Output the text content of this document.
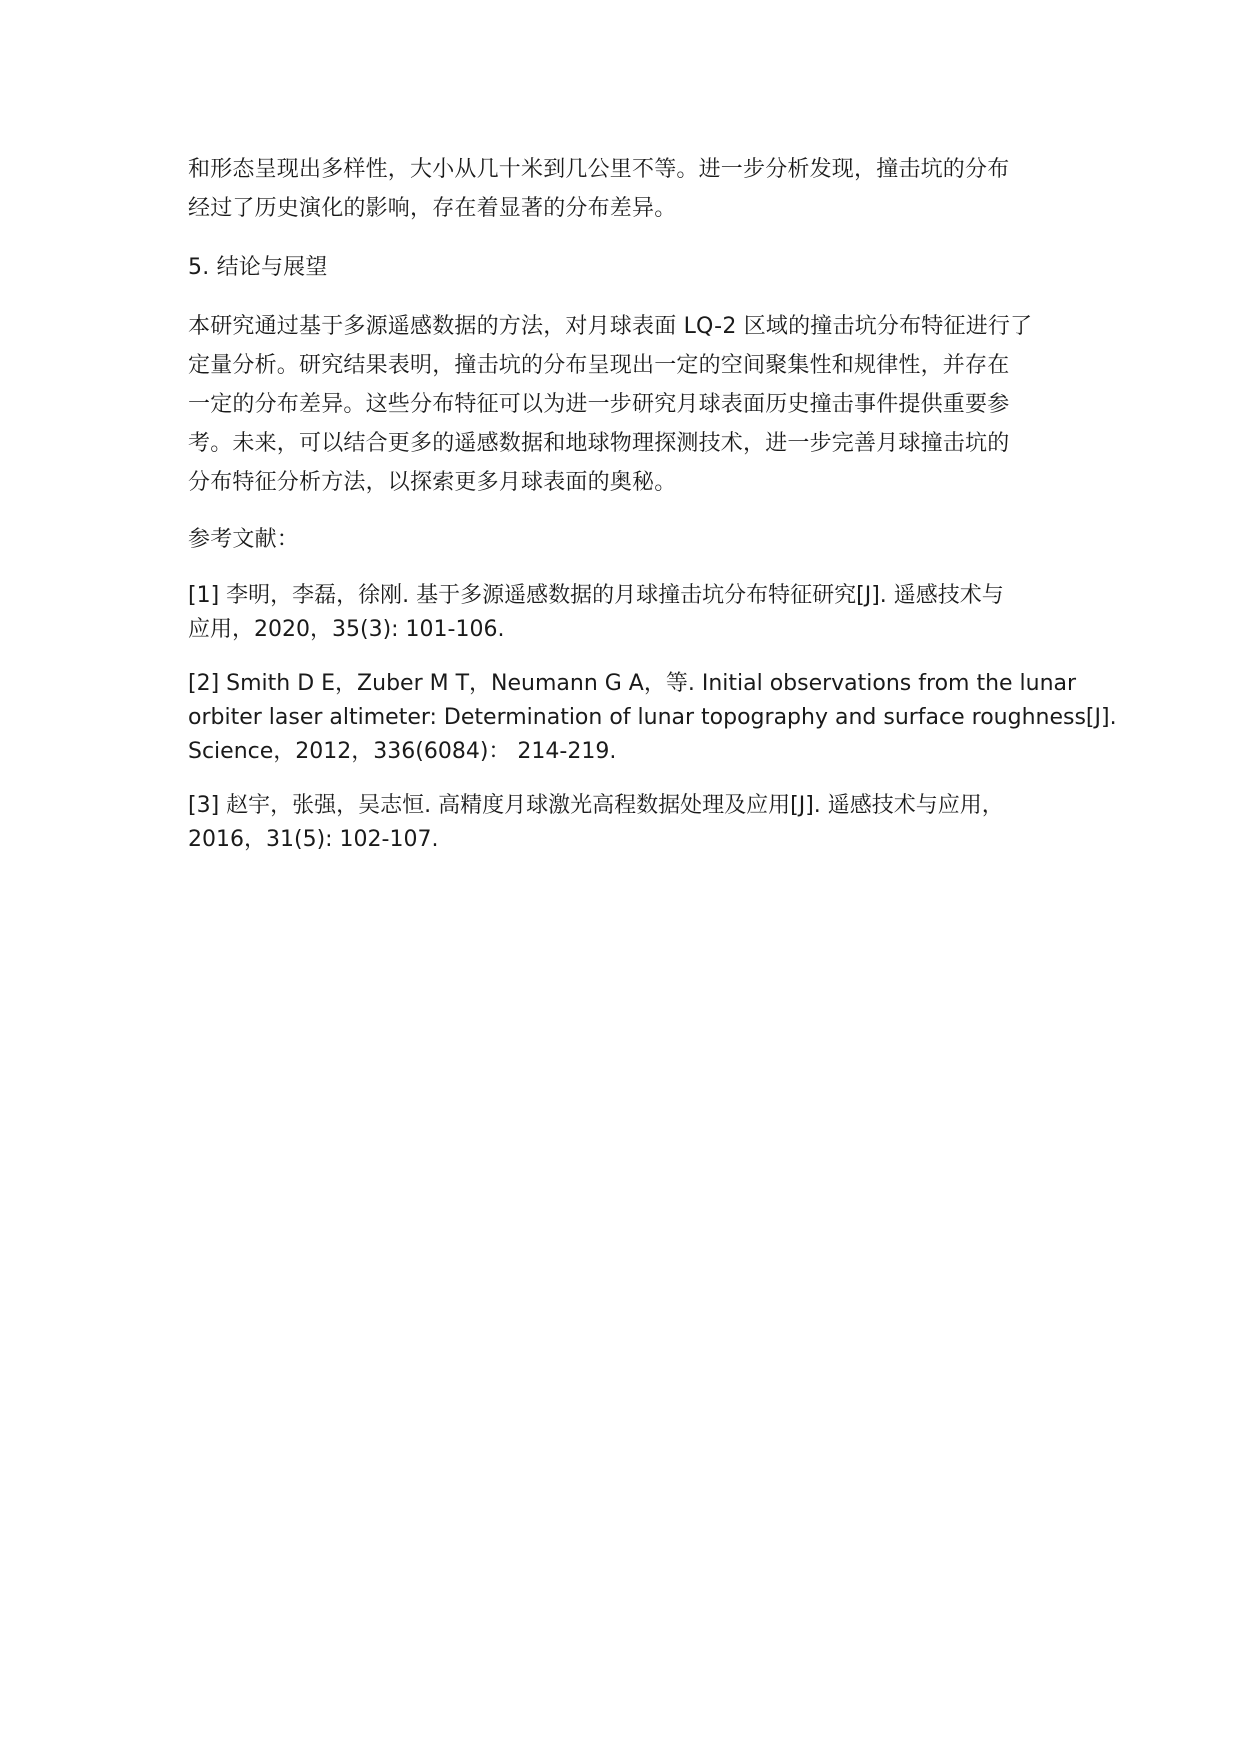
和形态呈现出多样性，大小从几十米到几公里不等。进一步分析发现，撞击坑的分布
经过了历史演化的影响，存在着显著的分布差异。

5. 结论与展望

本研究通过基于多源遥感数据的方法，对月球表面 LQ-2 区域的撞击坑分布特征进行了
定量分析。研究结果表明，撞击坑的分布呈现出一定的空间聚集性和规律性，并存在
一定的分布差异。这些分布特征可以为进一步研究月球表面历史撞击事件提供重要参
考。未来，可以结合更多的遥感数据和地球物理探测技术，进一步完善月球撞击坑的
分布特征分析方法，以探索更多月球表面的奥秘。

参考文献：

[1] 李明，李磊，徐刚. 基于多源遥感数据的月球撞击坑分布特征研究[J]. 遥感技术与
应用，2020，35(3): 101-106.

[2] Smith D E，Zuber M T，Neumann G A，等. Initial observations from the lunar
orbiter laser altimeter: Determination of lunar topography and surface roughness[J].
Science，2012，336(6084)： 214-219.

[3] 赵宇，张强，吴志恒. 高精度月球激光高程数据处理及应用[J]. 遥感技术与应用，
2016，31(5): 102-107.
